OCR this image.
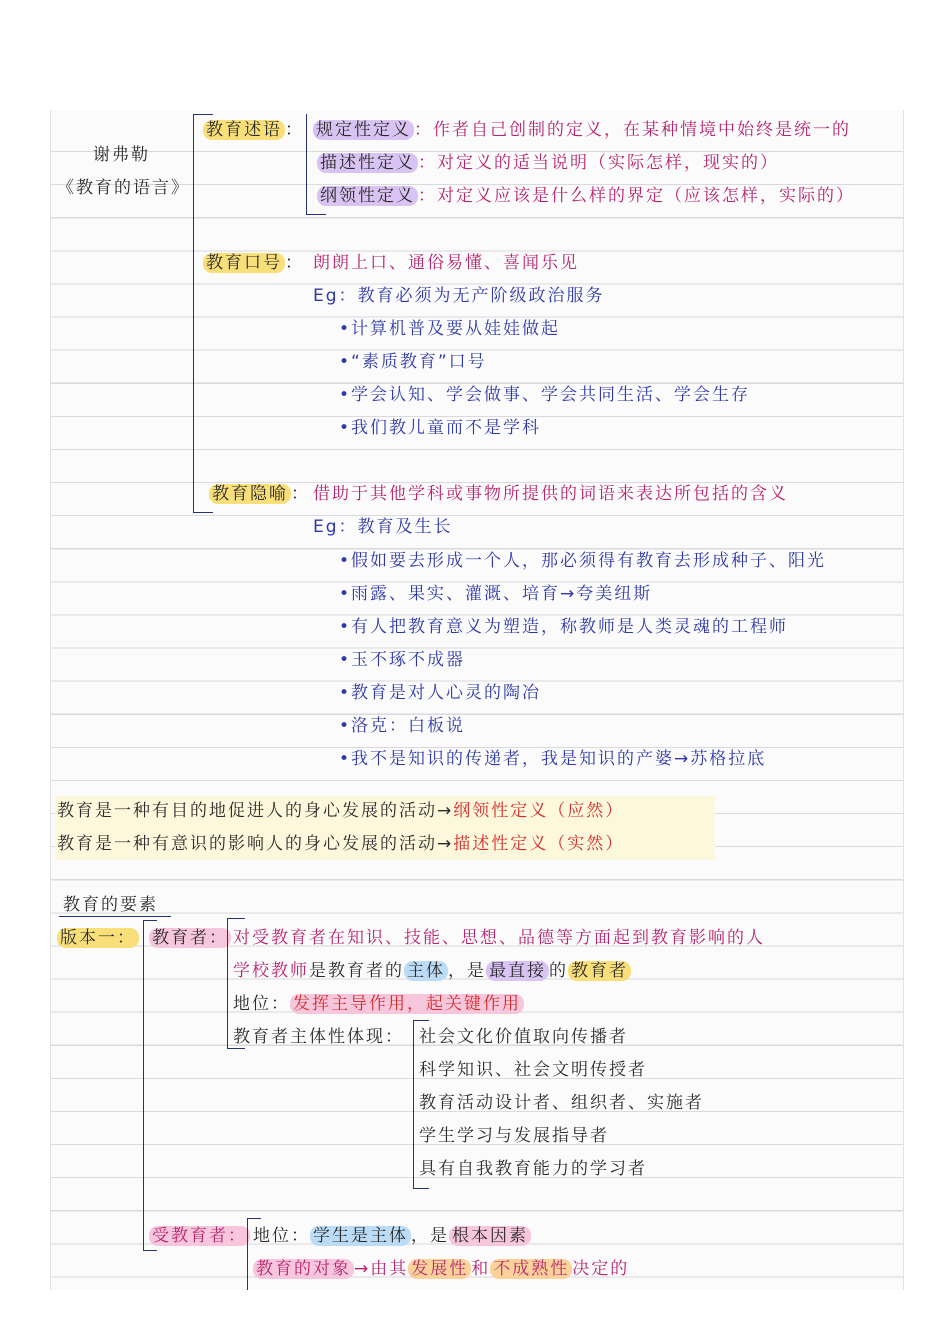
谢弗勒
《教育的语言》
教育述语 ： 规定性定义 ：作者自己创制的定义，在某种情境中始终是统一的
描述性定义 ：对定义的适当说明（实际怎样，现实的）
纲领性定义 ：对定义应该是什么样的界定（应该怎样，实际的）
教育口号 ： 朗朗上口、通俗易懂、喜闻乐见
Eg：教育必须为无产阶级政治服务
•计算机普及要从娃娃做起
•“素质教育”口号
•学会认知、学会做事、学会共同生活、学会生存
•我们教儿童而不是学科
教育隐喻 ： 借助于其他学科或事物所提供的词语来表达所包括的含义
Eg：教育及生长
•假如要去形成一个人，那必须得有教育去形成种子、阳光
•雨露、果实、灌溉、培育→夸美纽斯
•有人把教育意义为塑造，称教师是人类灵魂的工程师
•玉不琢不成器
•教育是对人心灵的陶冶
•洛克：白板说
•我不是知识的传递者，我是知识的产婆→苏格拉底
教育是一种有目的地促进人的身心发展的活动→纲领性定义（应然）
教育是一种有意识的影响人的身心发展的活动→描述性定义（实然）
教育的要素
版本一： 教育者： 对受教育者在知识、技能、思想、品德等方面起到教育影响的人
学校教师是教育者的 主体 ，是 最直接 的 教育者
地位： 发挥主导作用，起关键作用
教育者主体性体现： 社会文化价值取向传播者
科学知识、社会文明传授者
教育活动设计者、组织者、实施者
学生学习与发展指导者
具有自我教育能力的学习者
受教育者： 地位： 学生是主体 ，是 根本因素
教育的对象 →由其 发展性 和 不成熟性 决定的
